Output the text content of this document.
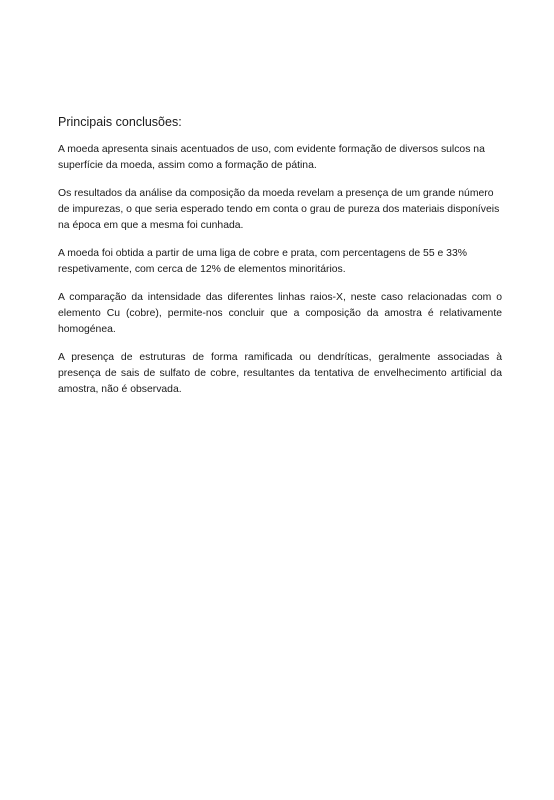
Principais conclusões:

A moeda apresenta sinais acentuados de uso, com evidente formação de diversos sulcos na superfície da moeda, assim como a formação de pátina.

Os resultados da análise da composição da moeda revelam a presença de um grande número de impurezas, o que seria esperado tendo em conta o grau de pureza dos materiais disponíveis na época em que a mesma foi cunhada.

A moeda foi obtida a partir de uma liga de cobre e prata, com percentagens de 55 e 33% respetivamente, com cerca de 12% de elementos minoritários.

A comparação da intensidade das diferentes linhas raios-X, neste caso relacionadas com o elemento Cu (cobre), permite-nos concluir que a composição da amostra é relativamente homogénea.

A presença de estruturas de forma ramificada ou dendríticas, geralmente associadas à presença de sais de sulfato de cobre, resultantes da tentativa de envelhecimento artificial da amostra, não é observada.
